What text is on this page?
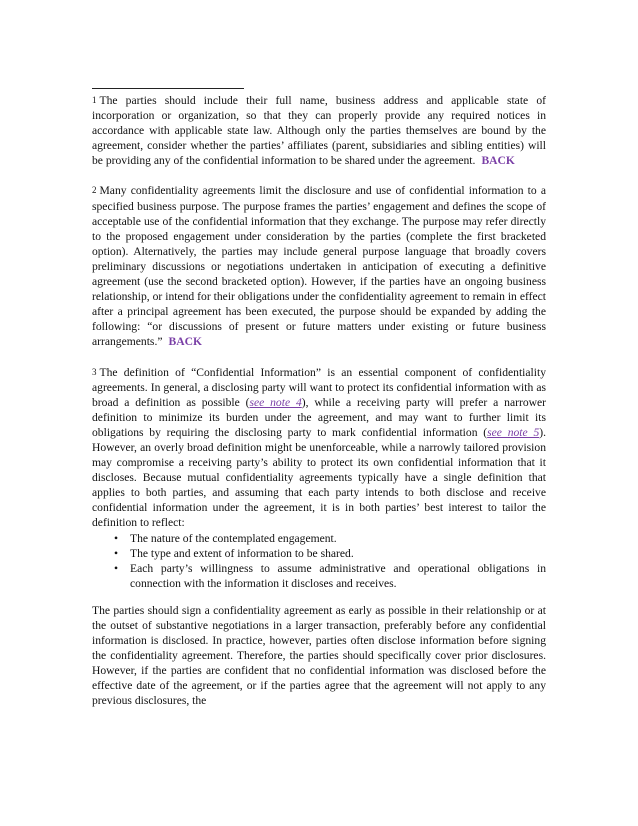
1 The parties should include their full name, business address and applicable state of incorporation or organization, so that they can properly provide any required notices in accordance with applicable state law. Although only the parties themselves are bound by the agreement, consider whether the parties’ affiliates (parent, subsidiaries and sibling entities) will be providing any of the confidential information to be shared under the agreement. BACK

2 Many confidentiality agreements limit the disclosure and use of confidential information to a specified business purpose. The purpose frames the parties’ engagement and defines the scope of acceptable use of the confidential information that they exchange. The purpose may refer directly to the proposed engagement under consideration by the parties (complete the first bracketed option). Alternatively, the parties may include general purpose language that broadly covers preliminary discussions or negotiations undertaken in anticipation of executing a definitive agreement (use the second bracketed option). However, if the parties have an ongoing business relationship, or intend for their obligations under the confidentiality agreement to remain in effect after a principal agreement has been executed, the purpose should be expanded by adding the following: “or discussions of present or future matters under existing or future business arrangements.” BACK

3 The definition of “Confidential Information” is an essential component of confidentiality agreements. In general, a disclosing party will want to protect its confidential information with as broad a definition as possible (see note 4), while a receiving party will prefer a narrower definition to minimize its burden under the agreement, and may want to further limit its obligations by requiring the disclosing party to mark confidential information (see note 5). However, an overly broad definition might be unenforceable, while a narrowly tailored provision may compromise a receiving party’s ability to protect its own confidential information that it discloses. Because mutual confidentiality agreements typically have a single definition that applies to both parties, and assuming that each party intends to both disclose and receive confidential information under the agreement, it is in both parties’ best interest to tailor the definition to reflect:

• The nature of the contemplated engagement.
• The type and extent of information to be shared.
• Each party’s willingness to assume administrative and operational obligations in connection with the information it discloses and receives.

The parties should sign a confidentiality agreement as early as possible in their relationship or at the outset of substantive negotiations in a larger transaction, preferably before any confidential information is disclosed. In practice, however, parties often disclose information before signing the confidentiality agreement. Therefore, the parties should specifically cover prior disclosures. However, if the parties are confident that no confidential information was disclosed before the effective date of the agreement, or if the parties agree that the agreement will not apply to any previous disclosures, the
